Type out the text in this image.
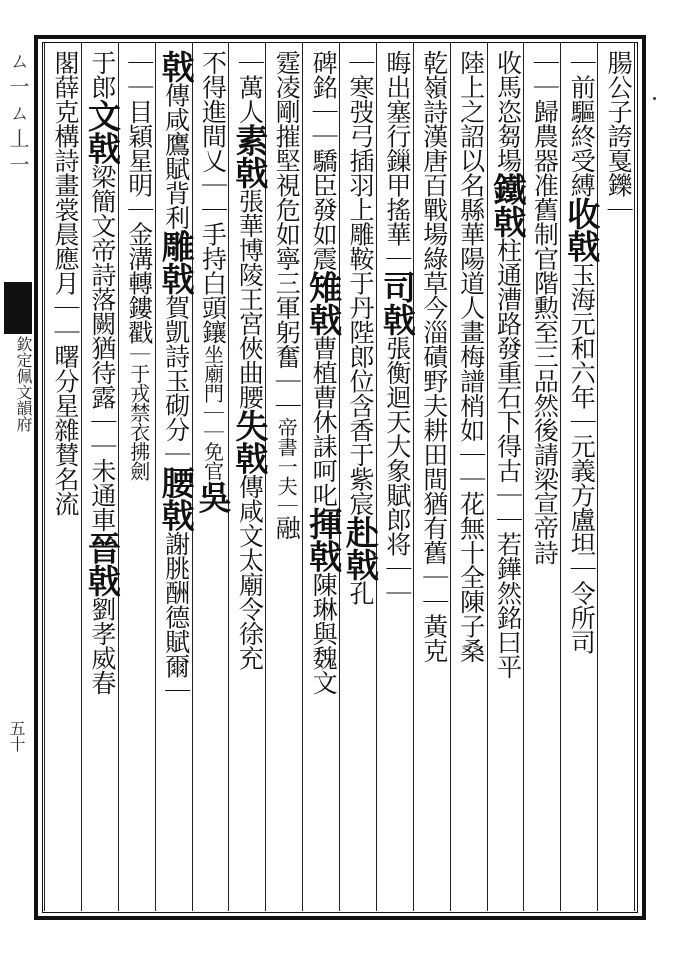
ㄙ一ㄙ丄一
欽定佩文韻府
五十
腸公子誇戛鑠｜
｜前驅終受縛收戟玉海元和六年｜元義方盧坦｜令所司
｜｜歸農器准舊制官階勲至三品然後請梁宣帝詩
收馬恣芻場鐵戟柱通漕路發重石下得古｜｜若鏵然銘曰平
陸上之詔以名縣華陽道人畫梅譜梢如｜｜花無十全陳子桑
乾嶺詩漢唐百戰場綠草今淄磧野夫耕田間猶有舊｜｜黃克
晦出塞行鏁甲搖華｜司戟張衡迴天大象賦郎将｜｜
｜寒弢弓插羽上雕鞍于丹陛郎位含香于紫宸赴戟孔
碑銘｜｜驕臣發如震雉戟曹植曹休誄呵叱揮戟陳琳與魏文
霆凌剛摧堅視危如寧三軍躬奮｜｜帝書一夫｜融
｜萬人素戟張華博陵王宮俠曲腰失戟傳咸文太廟令徐充
不得進間乂｜｜手持白頭鑲坐廟門｜｜免官吳
戟傳咸鷹賦背利雕戟賀凱詩玉砌分｜腰戟謝朓酬德賦爾｜
｜｜目穎星明｜金溝轉鏤戳｜于戎禁衣拂劍
于郎文戟梁簡文帝詩落闕猶待露｜｜未通車晉戟劉孝威春
閣薛克構詩畫裳晨應月｜｜曙分星雜賛名流
